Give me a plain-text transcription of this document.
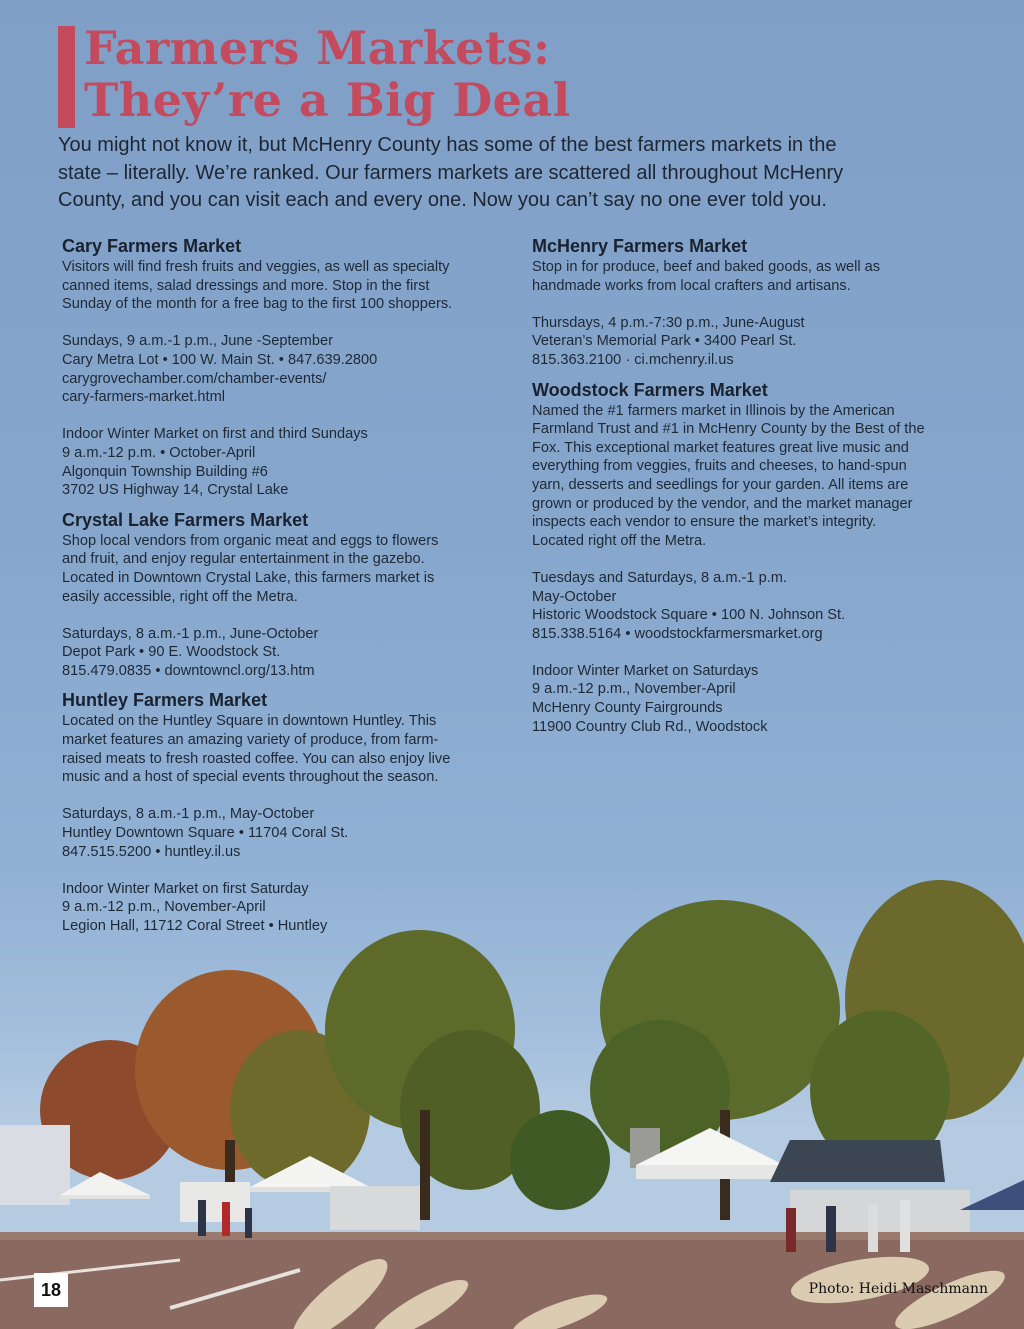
Farmers Markets:
They’re a Big Deal
You might not know it, but McHenry County has some of the best farmers markets in the
state – literally. We’re ranked. Our farmers markets are scattered all throughout McHenry
County, and you can visit each and every one. Now you can’t say no one ever told you.
Cary Farmers Market
Visitors will find fresh fruits and veggies, as well as specialty
canned items, salad dressings and more. Stop in the first
Sunday of the month for a free bag to the first 100 shoppers.
Sundays, 9 a.m.-1 p.m., June -September
Cary Metra Lot • 100 W. Main St. • 847.639.2800
carygrovechamber.com/chamber-events/
cary-farmers-market.html
Indoor Winter Market on first and third Sundays
9 a.m.-12 p.m. • October-April
Algonquin Township Building #6
3702 US Highway 14, Crystal Lake
Crystal Lake Farmers Market
Shop local vendors from organic meat and eggs to flowers
and fruit, and enjoy regular entertainment in the gazebo.
Located in Downtown Crystal Lake, this farmers market is
easily accessible, right off the Metra.
Saturdays, 8 a.m.-1 p.m., June-October
Depot Park • 90 E. Woodstock St.
815.479.0835 • downtowncl.org/13.htm
Huntley Farmers Market
Located on the Huntley Square in downtown Huntley. This
market features an amazing variety of produce, from farm-
raised meats to fresh roasted coffee. You can also enjoy live
music and a host of special events throughout the season.
Saturdays, 8 a.m.-1 p.m., May-October
Huntley Downtown Square • 11704 Coral St.
847.515.5200 • huntley.il.us
Indoor Winter Market on first Saturday
9 a.m.-12 p.m., November-April
Legion Hall, 11712 Coral Street • Huntley
McHenry Farmers Market
Stop in for produce, beef and baked goods, as well as
handmade works from local crafters and artisans.
Thursdays, 4 p.m.-7:30 p.m., June-August
Veteran’s Memorial Park • 3400 Pearl St.
815.363.2100 · ci.mchenry.il.us
Woodstock Farmers Market
Named the #1 farmers market in Illinois by the American
Farmland Trust and #1 in McHenry County by the Best of the
Fox. This exceptional market features great live music and
everything from veggies, fruits and cheeses, to hand-spun
yarn, desserts and seedlings for your garden. All items are
grown or produced by the vendor, and the market manager
inspects each vendor to ensure the market’s integrity.
Located right off the Metra.
Tuesdays and Saturdays, 8 a.m.-1 p.m.
May-October
Historic Woodstock Square • 100 N. Johnson St.
815.338.5164 • woodstockfarmersmarket.org
Indoor Winter Market on Saturdays
9 a.m.-12 p.m., November-April
McHenry County Fairgrounds
11900 Country Club Rd., Woodstock
18	Photo: Heidi Maschmann
